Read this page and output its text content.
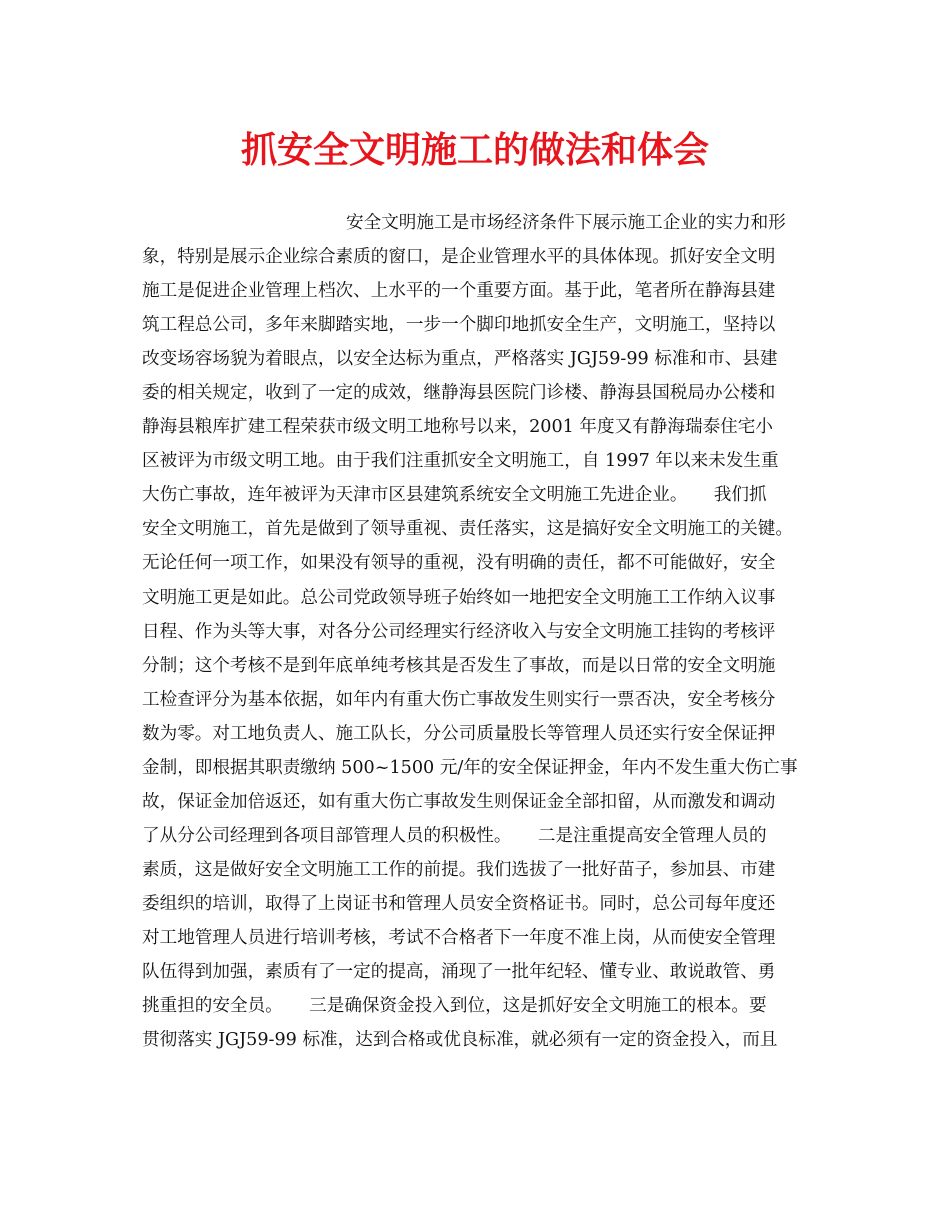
抓安全文明施工的做法和体会
安全文明施工是市场经济条件下展示施工企业的实力和形
象，特别是展示企业综合素质的窗口，是企业管理水平的具体体现。抓好安全文明
施工是促进企业管理上档次、上水平的一个重要方面。基于此，笔者所在静海县建
筑工程总公司，多年来脚踏实地，一步一个脚印地抓安全生产，文明施工，坚持以
改变场容场貌为着眼点，以安全达标为重点，严格落实 JGJ59-99 标准和市、县建
委的相关规定，收到了一定的成效，继静海县医院门诊楼、静海县国税局办公楼和
静海县粮库扩建工程荣获市级文明工地称号以来，2001 年度又有静海瑞泰住宅小
区被评为市级文明工地。由于我们注重抓安全文明施工，自 1997 年以来未发生重
大伤亡事故，连年被评为天津市区县建筑系统安全文明施工先进企业。　　我们抓
安全文明施工，首先是做到了领导重视、责任落实，这是搞好安全文明施工的关键。
无论任何一项工作，如果没有领导的重视，没有明确的责任，都不可能做好，安全
文明施工更是如此。总公司党政领导班子始终如一地把安全文明施工工作纳入议事
日程、作为头等大事，对各分公司经理实行经济收入与安全文明施工挂钩的考核评
分制；这个考核不是到年底单纯考核其是否发生了事故，而是以日常的安全文明施
工检查评分为基本依据，如年内有重大伤亡事故发生则实行一票否决，安全考核分
数为零。对工地负责人、施工队长，分公司质量股长等管理人员还实行安全保证押
金制，即根据其职责缴纳 500~1500 元/年的安全保证押金，年内不发生重大伤亡事
故，保证金加倍返还，如有重大伤亡事故发生则保证金全部扣留，从而激发和调动
了从分公司经理到各项目部管理人员的积极性。　　二是注重提高安全管理人员的
素质，这是做好安全文明施工工作的前提。我们选拔了一批好苗子，参加县、市建
委组织的培训，取得了上岗证书和管理人员安全资格证书。同时，总公司每年度还
对工地管理人员进行培训考核，考试不合格者下一年度不准上岗，从而使安全管理
队伍得到加强，素质有了一定的提高，涌现了一批年纪轻、懂专业、敢说敢管、勇
挑重担的安全员。　　三是确保资金投入到位，这是抓好安全文明施工的根本。要
贯彻落实 JGJ59-99 标准，达到合格或优良标准，就必须有一定的资金投入，而且
